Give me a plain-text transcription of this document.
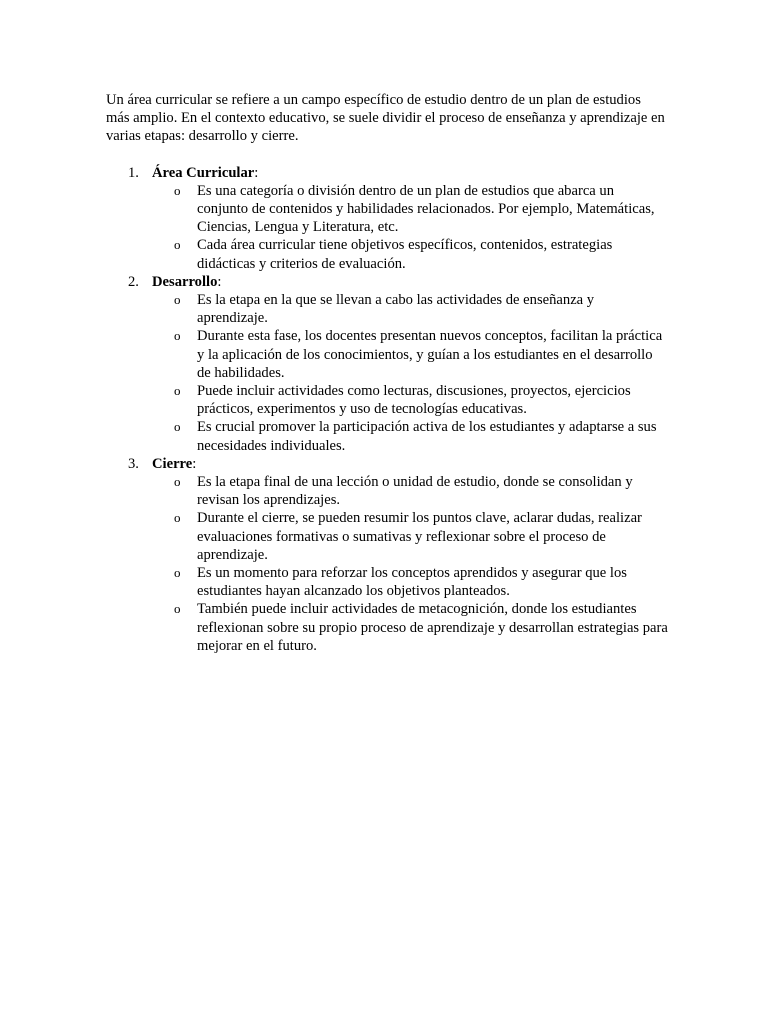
Un área curricular se refiere a un campo específico de estudio dentro de un plan de estudios más amplio. En el contexto educativo, se suele dividir el proceso de enseñanza y aprendizaje en varias etapas: desarrollo y cierre.

1. Área Curricular:
o Es una categoría o división dentro de un plan de estudios que abarca un conjunto de contenidos y habilidades relacionados. Por ejemplo, Matemáticas, Ciencias, Lengua y Literatura, etc.
o Cada área curricular tiene objetivos específicos, contenidos, estrategias didácticas y criterios de evaluación.
2. Desarrollo:
o Es la etapa en la que se llevan a cabo las actividades de enseñanza y aprendizaje.
o Durante esta fase, los docentes presentan nuevos conceptos, facilitan la práctica y la aplicación de los conocimientos, y guían a los estudiantes en el desarrollo de habilidades.
o Puede incluir actividades como lecturas, discusiones, proyectos, ejercicios prácticos, experimentos y uso de tecnologías educativas.
o Es crucial promover la participación activa de los estudiantes y adaptarse a sus necesidades individuales.
3. Cierre:
o Es la etapa final de una lección o unidad de estudio, donde se consolidan y revisan los aprendizajes.
o Durante el cierre, se pueden resumir los puntos clave, aclarar dudas, realizar evaluaciones formativas o sumativas y reflexionar sobre el proceso de aprendizaje.
o Es un momento para reforzar los conceptos aprendidos y asegurar que los estudiantes hayan alcanzado los objetivos planteados.
o También puede incluir actividades de metacognición, donde los estudiantes reflexionan sobre su propio proceso de aprendizaje y desarrollan estrategias para mejorar en el futuro.
